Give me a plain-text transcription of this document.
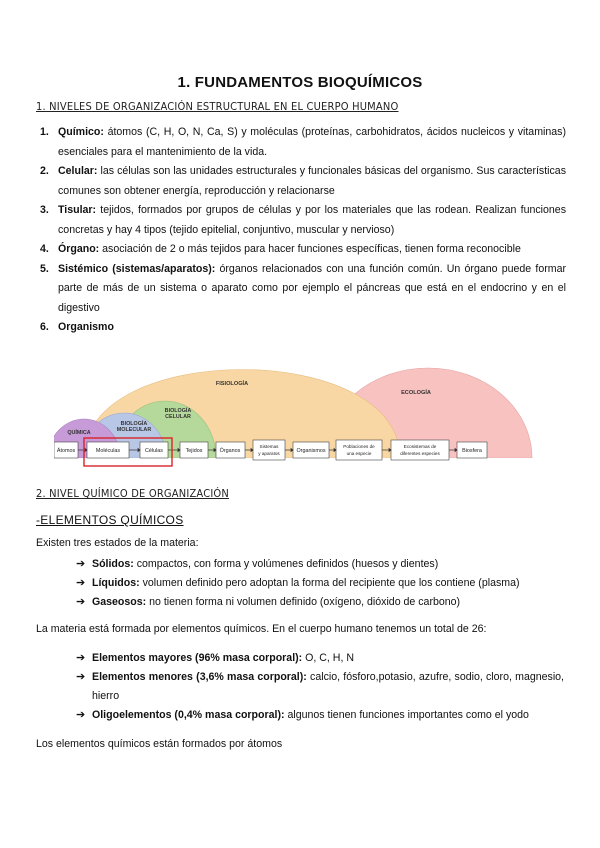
1. FUNDAMENTOS BIOQUÍMICOS
1. NIVELES DE ORGANIZACIÓN ESTRUCTURAL EN EL CUERPO HUMANO
1. Químico: átomos (C, H, O, N, Ca, S) y moléculas (proteínas, carbohidratos, ácidos nucleicos y vitaminas) esenciales para el mantenimiento de la vida.
2. Celular: las células son las unidades estructurales y funcionales básicas del organismo. Sus características comunes son obtener energía, reproducción y relacionarse
3. Tisular: tejidos, formados por grupos de células y por los materiales que las rodean. Realizan funciones concretas y hay 4 tipos (tejido epitelial, conjuntivo, muscular y nervioso)
4. Órgano: asociación de 2 o más tejidos para hacer funciones específicas, tienen forma reconocible
5. Sistémico (sistemas/aparatos): órganos relacionados con una función común. Un órgano puede formar parte de más de un sistema o aparato como por ejemplo el páncreas que está en el endocrino y en el digestivo
6. Organismo
FISIOLOGÍA
ECOLOGÍA
BIOLOGÍA CELULAR
BIOLOGÍA MOLECULAR
QUÍMICA
Átomos	Moléculas	Células	Tejidos	Órganos
Sistemas
y aparatos	Organismos
Poblaciones de
una especie
Ecosistemas de
diferentes especies	Biosfera
2. NIVEL QUÍMICO DE ORGANIZACIÓN
-ELEMENTOS QUÍMICOS
Existen tres estados de la materia:
➔ Sólidos: compactos, con forma y volúmenes definidos (huesos y dientes)
➔ Líquidos: volumen definido pero adoptan la forma del recipiente que los contiene (plasma)
➔ Gaseosos: no tienen forma ni volumen definido (oxígeno, dióxido de carbono)
La materia está formada por elementos químicos. En el cuerpo humano tenemos un total de 26:
➔ Elementos mayores (96% masa corporal): O, C, H, N
➔ Elementos menores (3,6% masa corporal): calcio, fósforo,potasio, azufre, sodio, cloro, magnesio, hierro
➔ Oligoelementos (0,4% masa corporal): algunos tienen funciones importantes como el yodo
Los elementos químicos están formados por átomos
